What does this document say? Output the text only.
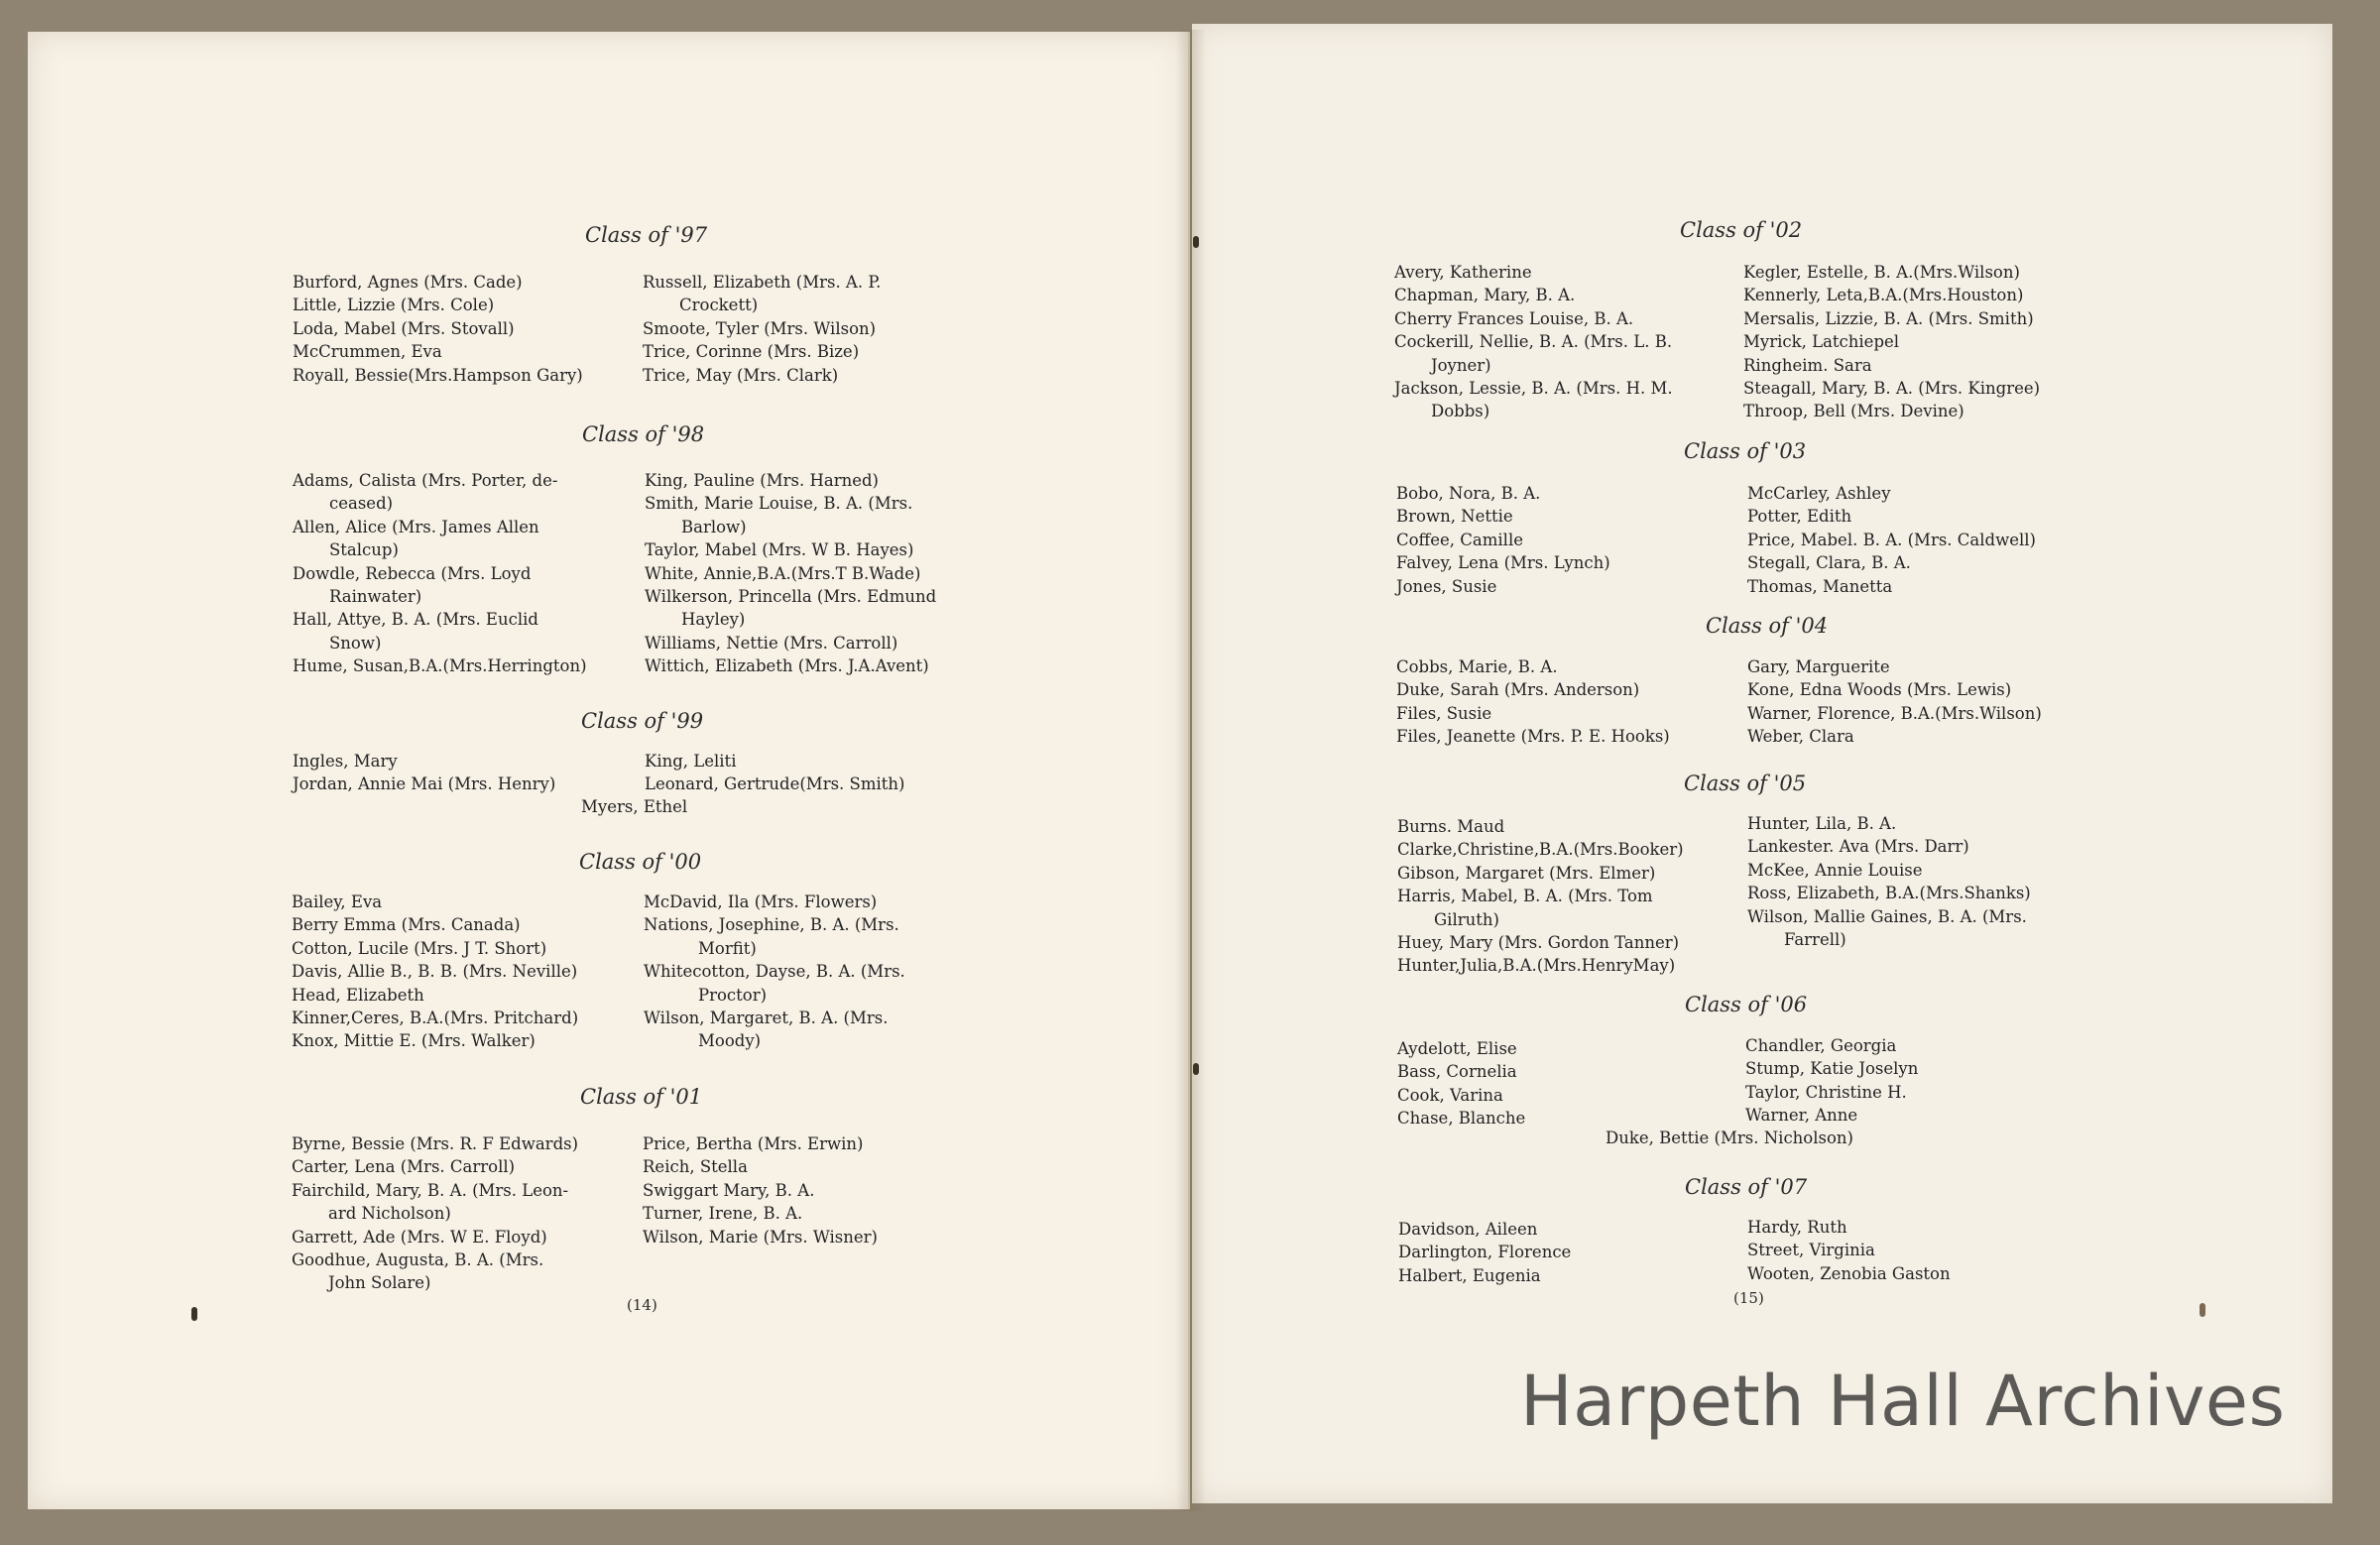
Class of '97
Burford, Agnes (Mrs. Cade)
Little, Lizzie (Mrs. Cole)
Loda, Mabel (Mrs. Stovall)
McCrummen, Eva
Royall, Bessie(Mrs.Hampson Gary)
Russell, Elizabeth (Mrs. A. P.
Crockett)
Smoote, Tyler (Mrs. Wilson)
Trice, Corinne (Mrs. Bize)
Trice, May (Mrs. Clark)
Class of '98
Adams, Calista (Mrs. Porter, de-
ceased)
Allen, Alice (Mrs. James Allen
Stalcup)
Dowdle, Rebecca (Mrs. Loyd
Rainwater)
Hall, Attye, B. A. (Mrs. Euclid
Snow)
Hume, Susan,B.A.(Mrs.Herrington)
King, Pauline (Mrs. Harned)
Smith, Marie Louise, B. A. (Mrs.
Barlow)
Taylor, Mabel (Mrs. W B. Hayes)
White, Annie,B.A.(Mrs.T B.Wade)
Wilkerson, Princella (Mrs. Edmund
Hayley)
Williams, Nettie (Mrs. Carroll)
Wittich, Elizabeth (Mrs. J.A.Avent)
Class of '99
Ingles, Mary
Jordan, Annie Mai (Mrs. Henry)
King, Leliti
Leonard, Gertrude(Mrs. Smith)

Myers, Ethel

Class of '00
Bailey, Eva
Berry Emma (Mrs. Canada)
Cotton, Lucile (Mrs. J T. Short)
Davis, Allie B., B. B. (Mrs. Neville)
Head, Elizabeth
Kinner,Ceres, B.A.(Mrs. Pritchard)
Knox, Mittie E. (Mrs. Walker)
McDavid, Ila (Mrs. Flowers)
Nations, Josephine, B. A. (Mrs.
Morfit)
Whitecotton, Dayse, B. A. (Mrs.
Proctor)
Wilson, Margaret, B. A. (Mrs.
Moody)
Class of '01
Byrne, Bessie (Mrs. R. F Edwards)
Carter, Lena (Mrs. Carroll)
Fairchild, Mary, B. A. (Mrs. Leon-
ard Nicholson)
Garrett, Ade (Mrs. W E. Floyd)
Goodhue, Augusta, B. A. (Mrs.
John Solare)
Price, Bertha (Mrs. Erwin)
Reich, Stella
Swiggart Mary, B. A.
Turner, Irene, B. A.
Wilson, Marie (Mrs. Wisner)

(14)

Class of '02
Avery, Katherine
Chapman, Mary, B. A.
Cherry Frances Louise, B. A.
Cockerill, Nellie, B. A. (Mrs. L. B.
Joyner)
Jackson, Lessie, B. A. (Mrs. H. M.
Dobbs)
Kegler, Estelle, B. A.(Mrs.Wilson)
Kennerly, Leta,B.A.(Mrs.Houston)
Mersalis, Lizzie, B. A. (Mrs. Smith)
Myrick, Latchiepel
Ringheim. Sara
Steagall, Mary, B. A. (Mrs. Kingree)
Throop, Bell (Mrs. Devine)
Class of '03
Bobo, Nora, B. A.
Brown, Nettie
Coffee, Camille
Falvey, Lena (Mrs. Lynch)
Jones, Susie
McCarley, Ashley
Potter, Edith
Price, Mabel. B. A. (Mrs. Caldwell)
Stegall, Clara, B. A.
Thomas, Manetta
Class of '04
Cobbs, Marie, B. A.
Duke, Sarah (Mrs. Anderson)
Files, Susie
Files, Jeanette (Mrs. P. E. Hooks)
Gary, Marguerite
Kone, Edna Woods (Mrs. Lewis)
Warner, Florence, B.A.(Mrs.Wilson)
Weber, Clara
Class of '05
Burns. Maud
Clarke,Christine,B.A.(Mrs.Booker)
Gibson, Margaret (Mrs. Elmer)
Harris, Mabel, B. A. (Mrs. Tom
Gilruth)
Huey, Mary (Mrs. Gordon Tanner)
Hunter,Julia,B.A.(Mrs.HenryMay)
Hunter, Lila, B. A.
Lankester. Ava (Mrs. Darr)
McKee, Annie Louise
Ross, Elizabeth, B.A.(Mrs.Shanks)
Wilson, Mallie Gaines, B. A. (Mrs.
Farrell)
Class of '06
Aydelott, Elise
Bass, Cornelia
Cook, Varina
Chase, Blanche
Chandler, Georgia
Stump, Katie Joselyn
Taylor, Christine H.
Warner, Anne

Duke, Bettie (Mrs. Nicholson)

Class of '07
Davidson, Aileen
Darlington, Florence
Halbert, Eugenia
Hardy, Ruth
Street, Virginia
Wooten, Zenobia Gaston

(15)

Harpeth Hall Archives
